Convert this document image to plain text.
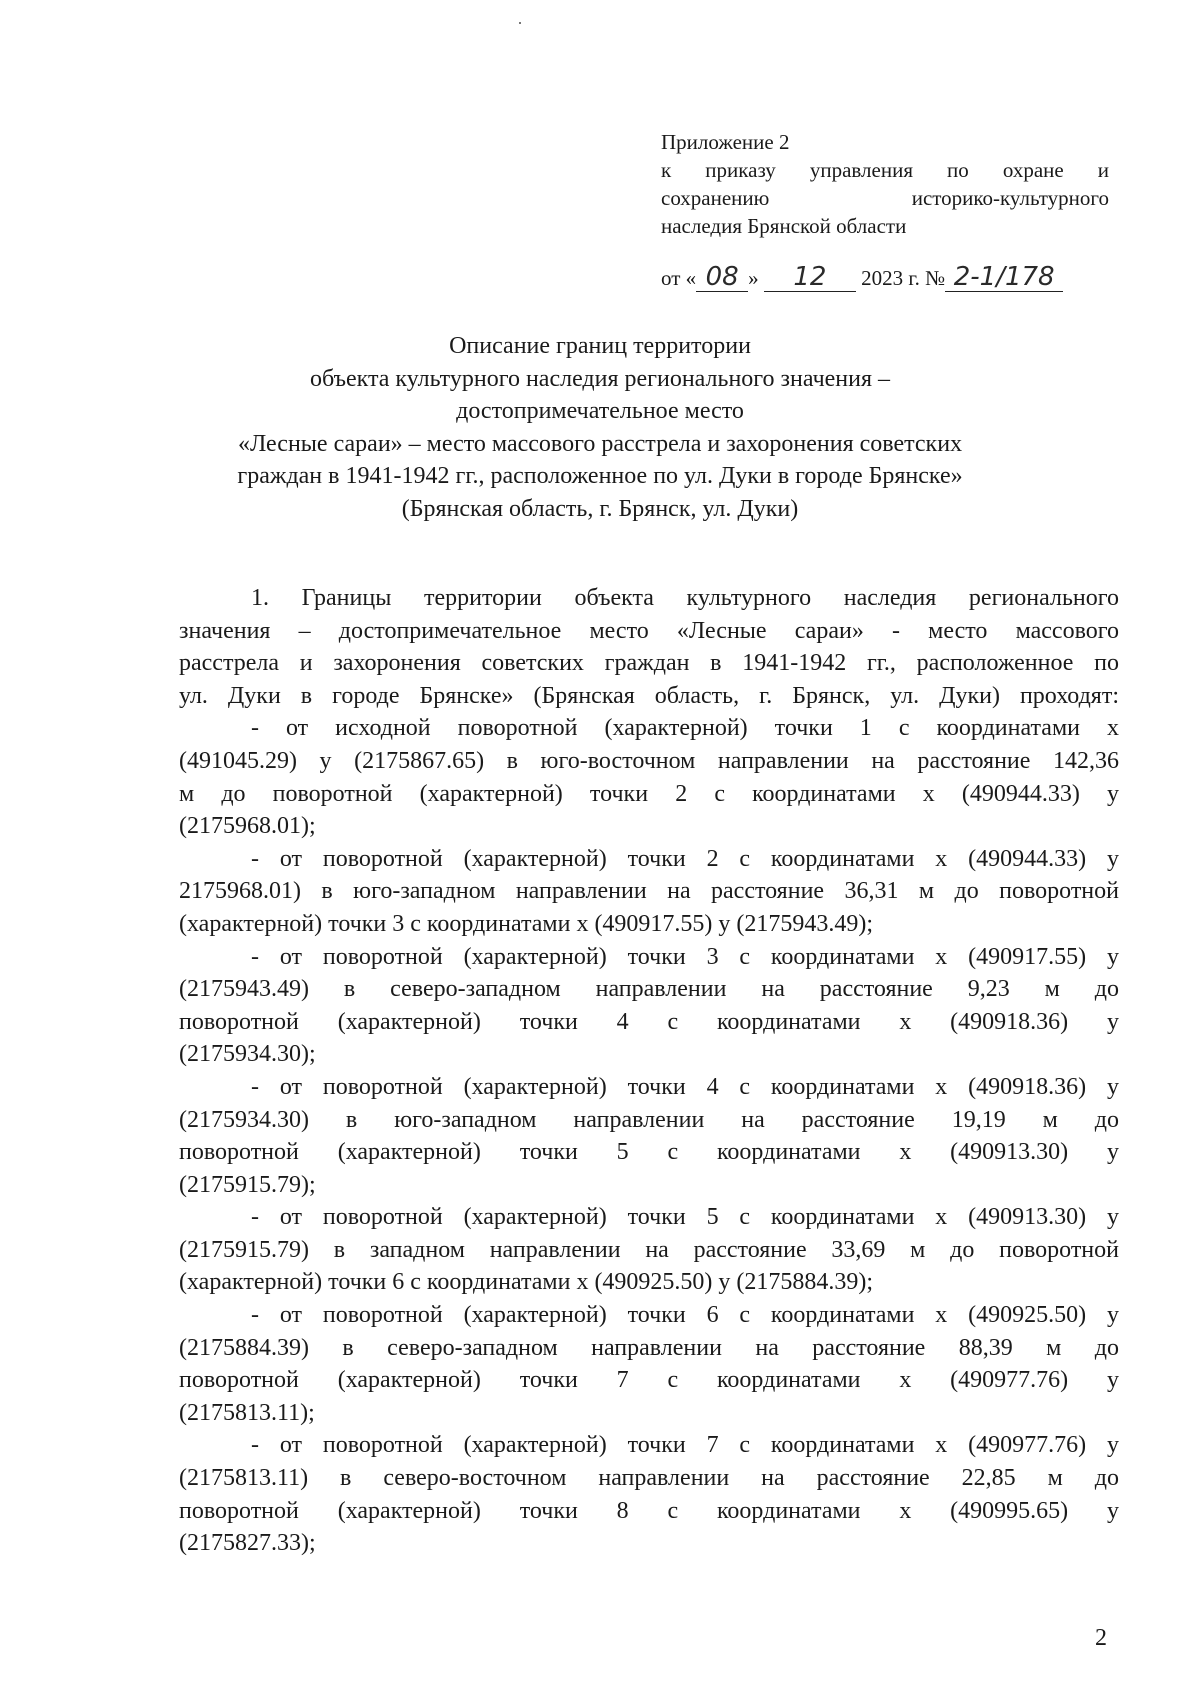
Приложение 2
к приказу управления по охране и
сохранению историко-культурного
наследия Брянской области
от « 08 » 12 2023 г. № 2-1/178
Описание границ территории
объекта культурного наследия регионального значения –
достопримечательное место
«Лесные сараи» – место массового расстрела и захоронения советских
граждан в 1941-1942 гг., расположенное по ул. Дуки в городе Брянске»
(Брянская область, г. Брянск, ул. Дуки)
1. Границы территории объекта культурного наследия регионального
значения – достопримечательное место «Лесные сараи» - место массового
расстрела и захоронения советских граждан в 1941-1942 гг., расположенное по
ул. Дуки в городе Брянске» (Брянская область, г. Брянск, ул. Дуки) проходят:
- от исходной поворотной (характерной) точки 1 с координатами x
(491045.29) y (2175867.65) в юго-восточном направлении на расстояние 142,36
м до поворотной (характерной) точки 2 с координатами x (490944.33) y
(2175968.01);
- от поворотной (характерной) точки 2 с координатами x (490944.33) y
2175968.01) в юго-западном направлении на расстояние 36,31 м до поворотной
(характерной) точки 3 с координатами x (490917.55) y (2175943.49);
- от поворотной (характерной) точки 3 с координатами x (490917.55) y
(2175943.49) в северо-западном направлении на расстояние 9,23 м до
поворотной (характерной) точки 4 с координатами x (490918.36) y
(2175934.30);
- от поворотной (характерной) точки 4 с координатами x (490918.36) y
(2175934.30) в юго-западном направлении на расстояние 19,19 м до
поворотной (характерной) точки 5 с координатами x (490913.30) y
(2175915.79);
- от поворотной (характерной) точки 5 с координатами x (490913.30) y
(2175915.79) в западном направлении на расстояние 33,69 м до поворотной
(характерной) точки 6 с координатами x (490925.50) y (2175884.39);
- от поворотной (характерной) точки 6 с координатами x (490925.50) y
(2175884.39) в северо-западном направлении на расстояние 88,39 м до
поворотной (характерной) точки 7 с координатами x (490977.76) y
(2175813.11);
- от поворотной (характерной) точки 7 с координатами x (490977.76) y
(2175813.11) в северо-восточном направлении на расстояние 22,85 м до
поворотной (характерной) точки 8 с координатами x (490995.65) y
(2175827.33);
2
